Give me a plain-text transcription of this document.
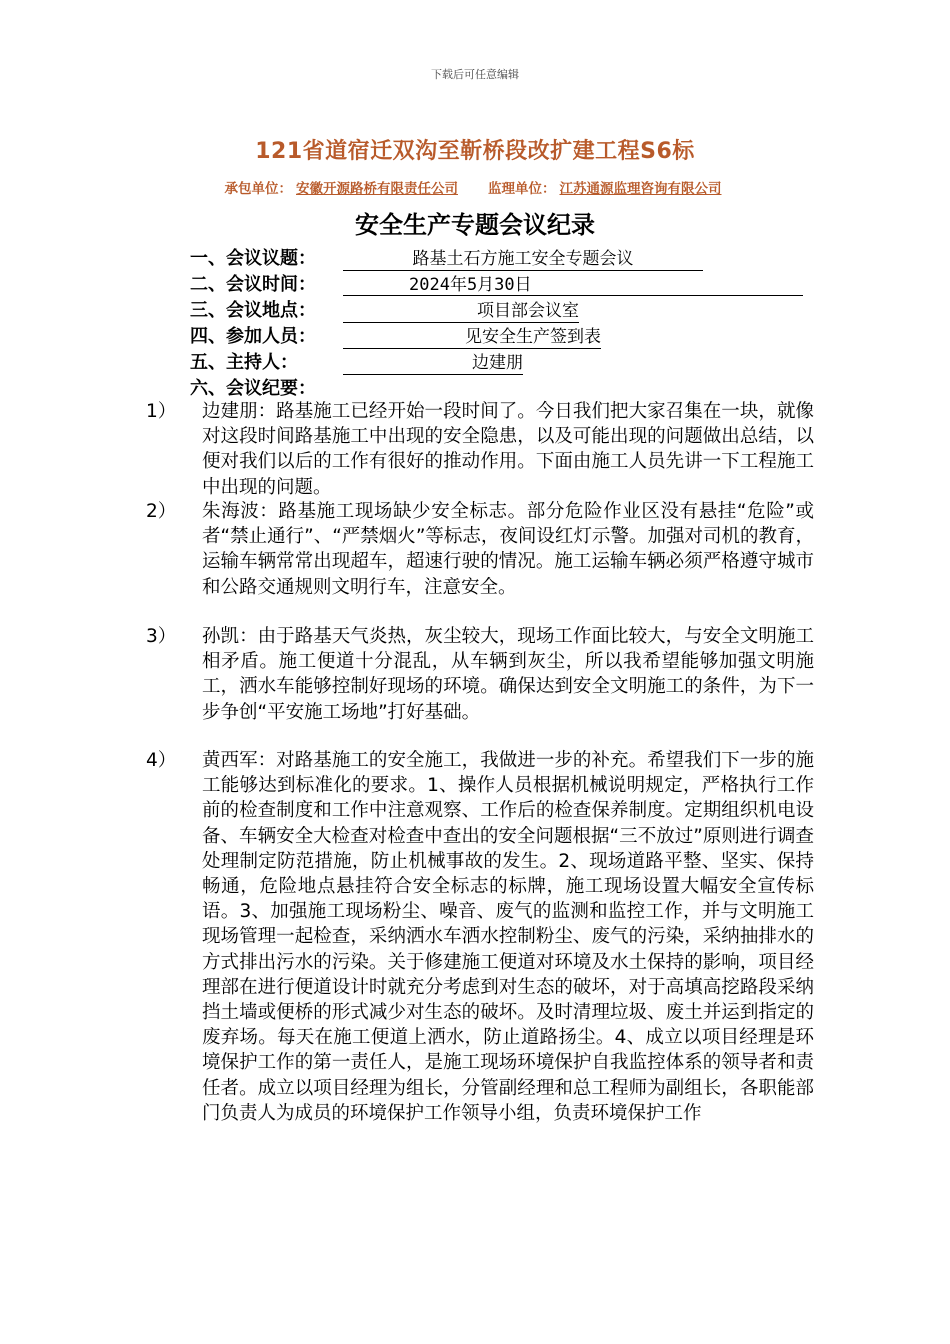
下载后可任意编辑
121省道宿迁双沟至靳桥段改扩建工程S6标
承包单位： 安徽开源路桥有限责任公司 监理单位： 江苏通源监理咨询有限公司
安全生产专题会议纪录
一、会议议题：	路基土石方施工安全专题会议
二、会议时间：	2024年5月30日
三、会议地点：	项目部会议室
四、参加人员：	见安全生产签到表
五、主持人：	边建朋
六、会议纪要：
1）	边建朋：路基施工已经开始一段时间了。今日我们把大家召集在一块，就像对这段时间路基施工中出现的安全隐患，以及可能出现的问题做出总结，以便对我们以后的工作有很好的推动作用。下面由施工人员先讲一下工程施工中出现的问题。
2）	朱海波：路基施工现场缺少安全标志。部分危险作业区没有悬挂“危险”或者“禁止通行”、“严禁烟火”等标志，夜间设红灯示警。加强对司机的教育，运输车辆常常出现超车，超速行驶的情况。施工运输车辆必须严格遵守城市和公路交通规则文明行车，注意安全。
3）	孙凯：由于路基天气炎热，灰尘较大，现场工作面比较大，与安全文明施工相矛盾。施工便道十分混乱，从车辆到灰尘，所以我希望能够加强文明施工，洒水车能够控制好现场的环境。确保达到安全文明施工的条件，为下一步争创“平安施工场地”打好基础。
4）	黄西军：对路基施工的安全施工，我做进一步的补充。希望我们下一步的施工能够达到标准化的要求。1、操作人员根据机械说明规定，严格执行工作前的检查制度和工作中注意观察、工作后的检查保养制度。定期组织机电设备、车辆安全大检查对检查中查出的安全问题根据“三不放过”原则进行调查处理制定防范措施，防止机械事故的发生。2、现场道路平整、坚实、保持畅通，危险地点悬挂符合安全标志的标牌，施工现场设置大幅安全宣传标语。3、加强施工现场粉尘、噪音、废气的监测和监控工作，并与文明施工现场管理一起检查，采纳洒水车洒水控制粉尘、废气的污染，采纳抽排水的方式排出污水的污染。关于修建施工便道对环境及水土保持的影响，项目经理部在进行便道设计时就充分考虑到对生态的破坏，对于高填高挖路段采纳挡土墙或便桥的形式减少对生态的破坏。及时清理垃圾、废土并运到指定的废弃场。每天在施工便道上洒水，防止道路扬尘。4、成立以项目经理是环境保护工作的第一责任人，是施工现场环境保护自我监控体系的领导者和责任者。成立以项目经理为组长，分管副经理和总工程师为副组长，各职能部门负责人为成员的环境保护工作领导小组，负责环境保护工作
